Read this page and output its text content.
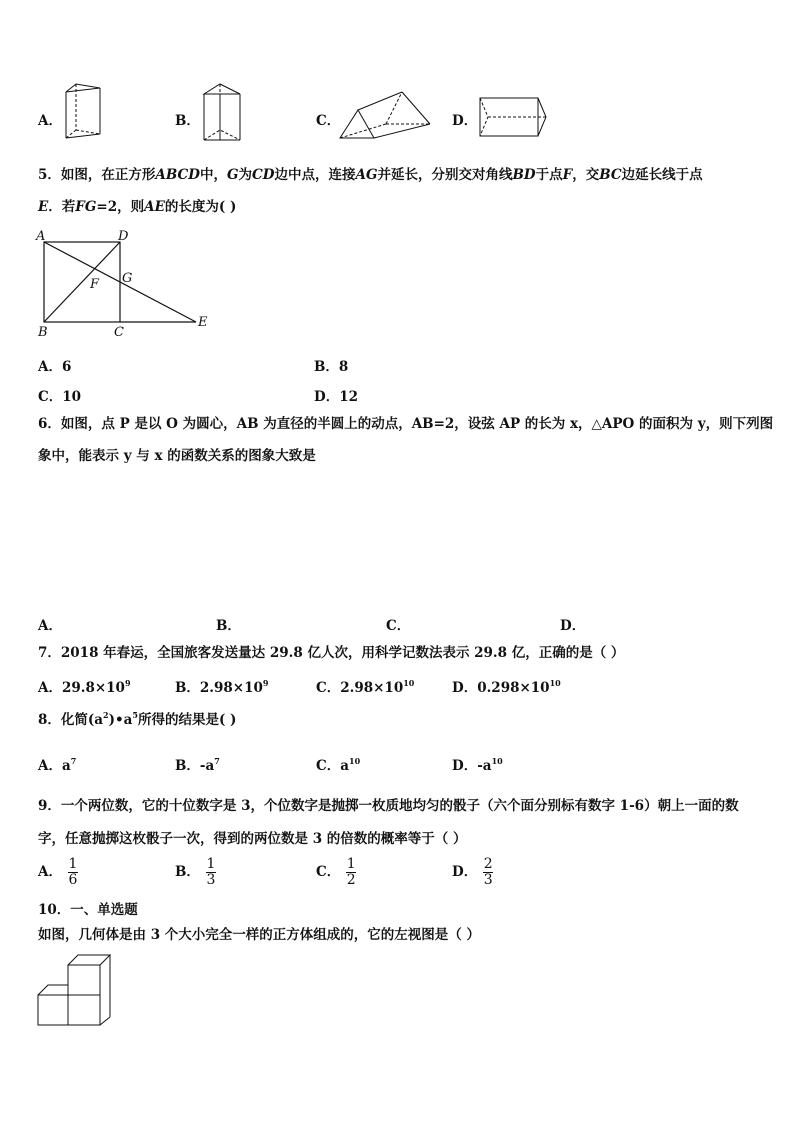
A．	B．	C．	D．
5．如图，在正方形ABCD中，G为CD边中点，连接AG并延长，分别交对角线BD于点F，交BC边延长线于点
E．若FG=2，则AE的长度为( )
A	D
G
F
B	C
E
A．6	B．8
C．10	D．12
6．如图，点 P 是以 O 为圆心，AB 为直径的半圆上的动点，AB=2，设弦 AP 的长为 x，△APO 的面积为 y，则下列图
象中，能表示 y 与 x 的函数关系的图象大致是
A．	B．	C．	D．
7．2018 年春运，全国旅客发送量达 29.8 亿人次，用科学记数法表示 29.8 亿，正确的是（ ）
A．$29.8\times 10^9$	B．$2.98\times 10^9$	C．$2.98\times 10^{10}$	D．$0.298\times 10^{10}$
8．化简$(a^2)•a^5$所得的结果是( )
A．$a^7$	B．$-a^7$	C．$a^{10}$	D．$-a^{10}$
9．一个两位数，它的十位数字是 3，个位数字是抛掷一枚质地均匀的骰子（六个面分别标有数字 1-6）朝上一面的数
字，任意抛掷这枚骰子一次，得到的两位数是 3 的倍数的概率等于（ ）
A． $\frac{1}{6}$	B． $\frac{1}{3}$	C． $\frac{1}{2}$	D． $\frac{2}{3}$
10．一、单选题
如图，几何体是由 3 个大小完全一样的正方体组成的，它的左视图是（ ）
